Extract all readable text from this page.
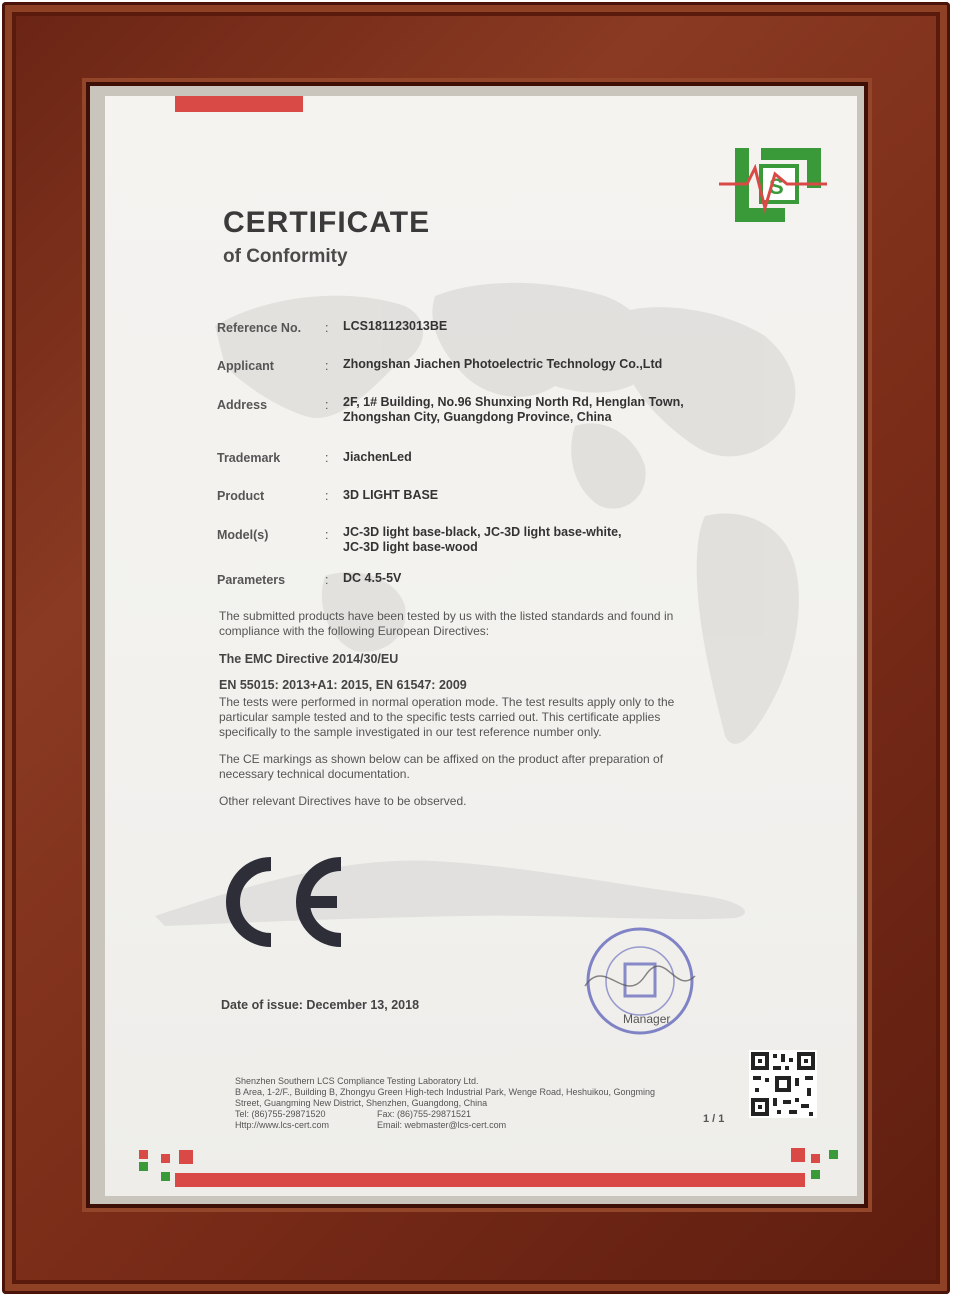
S
CERTIFICATE
of Conformity
Reference No. : LCS181123013BE
Applicant	: Zhongshan Jiachen Photoelectric Technology Co.,Ltd
Address	: 2F, 1# Building, No.96 Shunxing North Rd, Henglan Town,
Zhongshan City, Guangdong Province, China
Trademark	: JiachenLed
Product	: 3D LIGHT BASE
Model(s)	: JC-3D light base-black, JC-3D light base-white,
JC-3D light base-wood
Parameters	: DC 4.5-5V
The submitted products have been tested by us with the listed standards and found in
compliance with the following European Directives:
The EMC Directive 2014/30/EU
EN 55015: 2013+A1: 2015, EN 61547: 2009
The tests were performed in normal operation mode. The test results apply only to the
particular sample tested and to the specific tests carried out. This certificate applies
specifically to the sample investigated in our test reference number only.
The CE markings as shown below can be affixed on the product after preparation of
necessary technical documentation.
Other relevant Directives have to be observed.
Date of issue: December 13, 2018
Manager
Shenzhen Southern LCS Compliance Testing Laboratory Ltd.
B Area, 1-2/F., Building B, Zhongyu Green High-tech Industrial Park, Wenge Road, Heshuikou, Gongming
Street, Guangming New District, Shenzhen, Guangdong, China
Tel: (86)755-29871520	Fax: (86)755-29871521
Http://www.lcs-cert.com	Email: webmaster@lcs-cert.com	1 / 1
